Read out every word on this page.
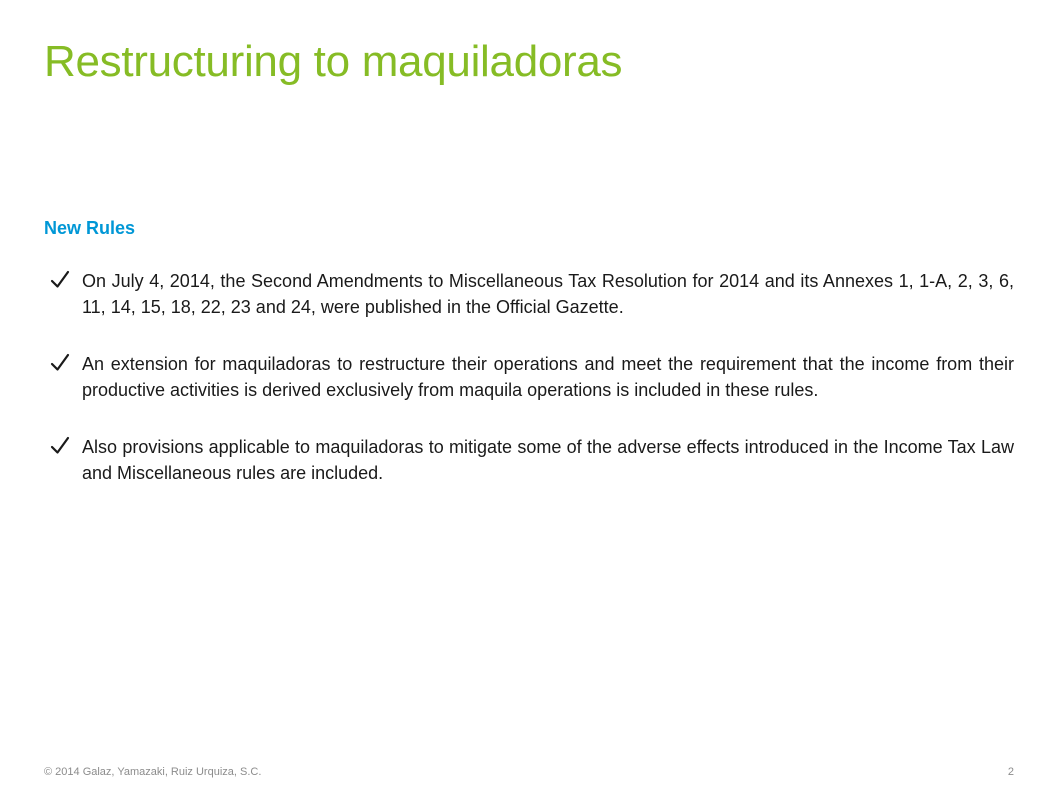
Restructuring to maquiladoras
New Rules
On July 4, 2014, the Second Amendments to Miscellaneous Tax Resolution for 2014 and its Annexes 1, 1-A, 2, 3, 6, 11, 14, 15, 18, 22, 23 and 24, were published in the Official Gazette.
An extension for maquiladoras to restructure their operations and meet the requirement that the income from their productive activities is derived exclusively from maquila operations is included in these rules.
Also provisions applicable to maquiladoras to mitigate some of the adverse effects introduced in the Income Tax Law and Miscellaneous rules are included.
© 2014 Galaz, Yamazaki, Ruiz Urquiza, S.C.	2
